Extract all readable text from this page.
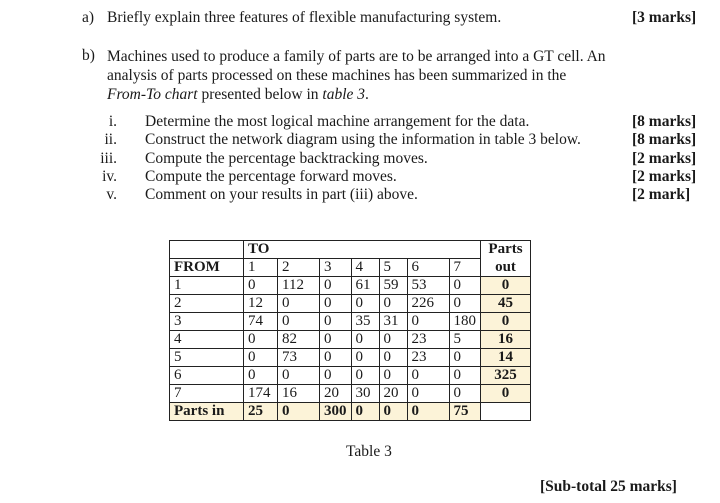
a) Briefly explain three features of flexible manufacturing system.	[3 marks]
b) Machines used to produce a family of parts are to be arranged into a GT cell. An
analysis of parts processed on these machines has been summarized in the
From-To chart presented below in table 3.
i. Determine the most logical machine arrangement for the data.	[8 marks]
ii. Construct the network diagram using the information in table 3 below.	[8 marks]
iii. Compute the percentage backtracking moves.	[2 marks]
iv. Compute the percentage forward moves.	[2 marks]
v. Comment on your results in part (iii) above.	[2 mark]
	TO							Parts
FROM	1	2	3	4	5	6	7	out
1	0	112	0	61	59	53	0	0
2	12	0	0	0	0	226	0	45
3	74	0	0	35	31	0	180	0
4	0	82	0	0	0	23	5	16
5	0	73	0	0	0	23	0	14
6	0	0	0	0	0	0	0	325
7	174	16	20	30	20	0	0	0
Parts in	25	0	300	0	0	0	75	
Table 3
[Sub-total 25 marks]
